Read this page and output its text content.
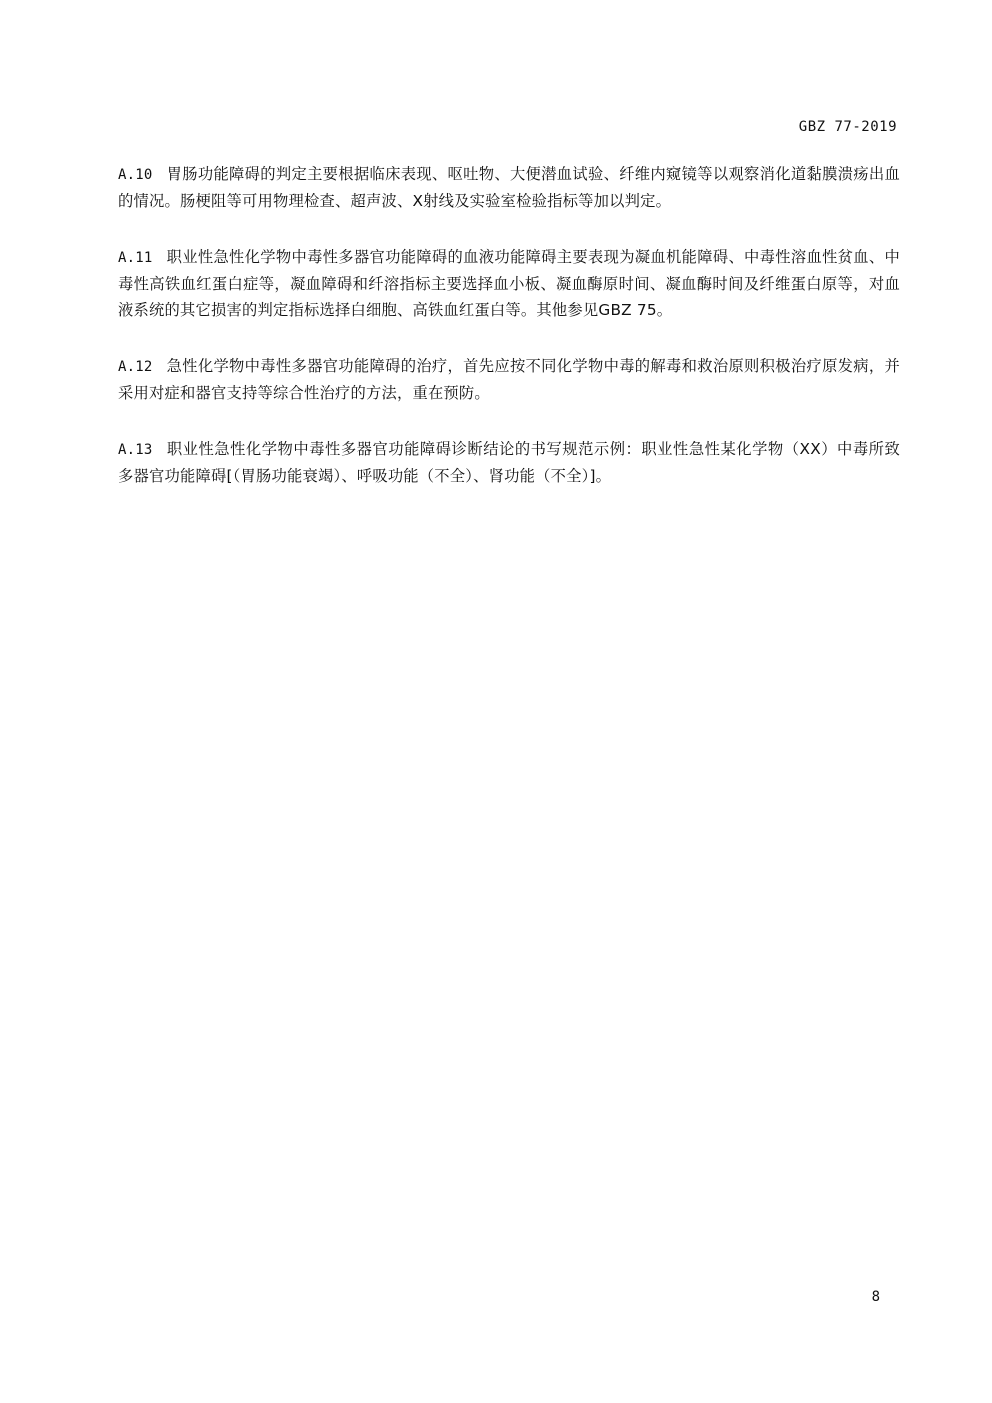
GBZ 77-2019

A.10 胃肠功能障碍的判定主要根据临床表现、呕吐物、大便潜血试验、纤维内窥镜等以观察消化道黏膜溃疡出血的情况。肠梗阻等可用物理检查、超声波、X射线及实验室检验指标等加以判定。

A.11 职业性急性化学物中毒性多器官功能障碍的血液功能障碍主要表现为凝血机能障碍、中毒性溶血性贫血、中毒性高铁血红蛋白症等，凝血障碍和纤溶指标主要选择血小板、凝血酶原时间、凝血酶时间及纤维蛋白原等，对血液系统的其它损害的判定指标选择白细胞、高铁血红蛋白等。其他参见GBZ 75。

A.12 急性化学物中毒性多器官功能障碍的治疗，首先应按不同化学物中毒的解毒和救治原则积极治疗原发病，并采用对症和器官支持等综合性治疗的方法，重在预防。

A.13 职业性急性化学物中毒性多器官功能障碍诊断结论的书写规范示例：职业性急性某化学物（XX）中毒所致多器官功能障碍[（胃肠功能衰竭）、呼吸功能（不全）、肾功能（不全）]。

8
